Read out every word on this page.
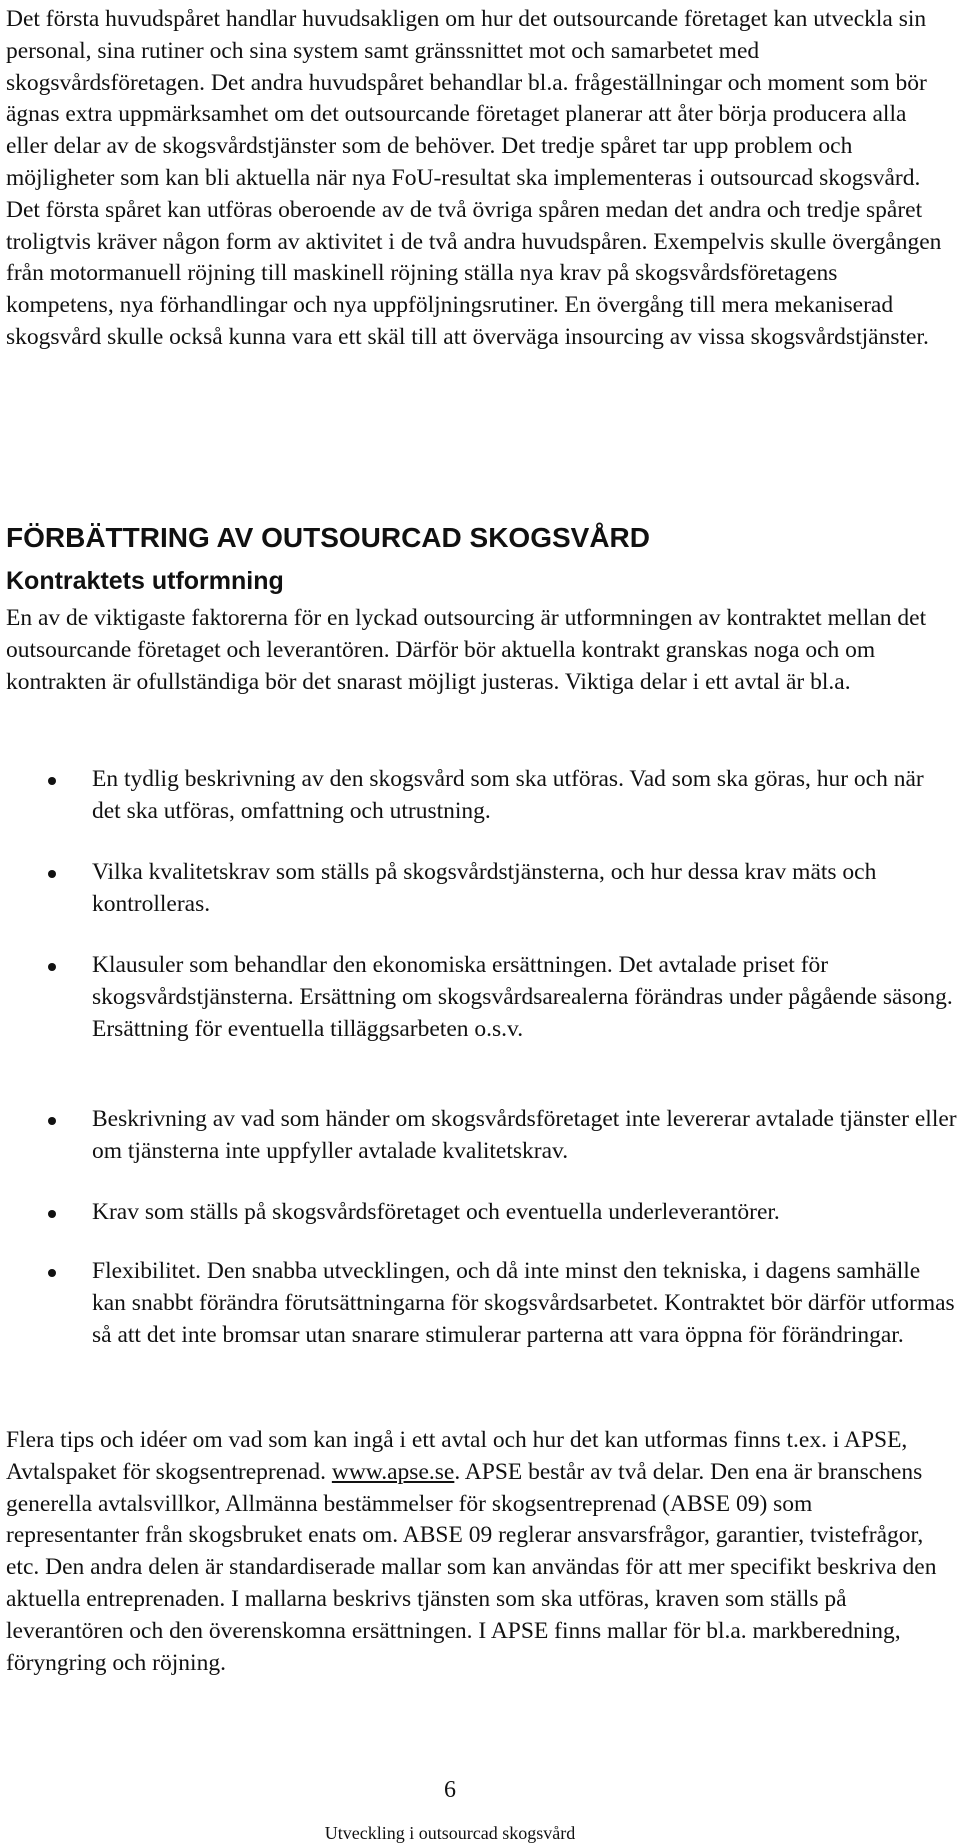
Det första huvudspåret handlar huvudsakligen om hur det outsourcande företaget kan utveckla sin personal, sina rutiner och sina system samt gränssnittet mot och samarbetet med skogsvårdsföretagen. Det andra huvudspåret behandlar bl.a. frågeställningar och moment som bör ägnas extra uppmärksamhet om det outsourcande företaget planerar att åter börja producera alla eller delar av de skogsvårdstjänster som de behöver. Det tredje spåret tar upp problem och möjligheter som kan bli aktuella när nya FoU-resultat ska implementeras i outsourcad skogsvård. Det första spåret kan utföras oberoende av de två övriga spåren medan det andra och tredje spåret troligtvis kräver någon form av aktivitet i de två andra huvudspåren. Exempelvis skulle övergången från motormanuell röjning till maskinell röjning ställa nya krav på skogsvårdsföretagens kompetens, nya förhandlingar och nya uppföljningsrutiner. En övergång till mera mekaniserad skogsvård skulle också kunna vara ett skäl till att överväga insourcing av vissa skogsvårdstjänster.

FÖRBÄTTRING AV OUTSOURCAD SKOGSVÅRD
Kontraktets utformning

En av de viktigaste faktorerna för en lyckad outsourcing är utformningen av kontraktet mellan det outsourcande företaget och leverantören. Därför bör aktuella kontrakt granskas noga och om kontrakten är ofullständiga bör det snarast möjligt justeras. Viktiga delar i ett avtal är bl.a.

En tydlig beskrivning av den skogsvård som ska utföras. Vad som ska göras, hur och när det ska utföras, omfattning och utrustning.

Vilka kvalitetskrav som ställs på skogsvårdstjänsterna, och hur dessa krav mäts och kontrolleras.

Klausuler som behandlar den ekonomiska ersättningen. Det avtalade priset för skogsvårdstjänsterna. Ersättning om skogsvårdsarealerna förändras under pågående säsong. Ersättning för eventuella tilläggsarbeten o.s.v.

Beskrivning av vad som händer om skogsvårdsföretaget inte levererar avtalade tjänster eller om tjänsterna inte uppfyller avtalade kvalitetskrav.

Krav som ställs på skogsvårdsföretaget och eventuella underleverantörer.

Flexibilitet. Den snabba utvecklingen, och då inte minst den tekniska, i dagens samhälle kan snabbt förändra förutsättningarna för skogsvårdsarbetet. Kontraktet bör därför utformas så att det inte bromsar utan snarare stimulerar parterna att vara öppna för förändringar.

Flera tips och idéer om vad som kan ingå i ett avtal och hur det kan utformas finns t.ex. i APSE, Avtalspaket för skogsentreprenad. www.apse.se. APSE består av två delar. Den ena är branschens generella avtalsvillkor, Allmänna bestämmelser för skogsentreprenad (ABSE 09) som representanter från skogsbruket enats om. ABSE 09 reglerar ansvarsfrågor, garantier, tvistefrågor, etc. Den andra delen är standardiserade mallar som kan användas för att mer specifikt beskriva den aktuella entreprenaden. I mallarna beskrivs tjänsten som ska utföras, kraven som ställs på leverantören och den överenskomna ersättningen. I APSE finns mallar för bl.a. markberedning, föryngring och röjning.

6

Utveckling i outsourcad skogsvård
